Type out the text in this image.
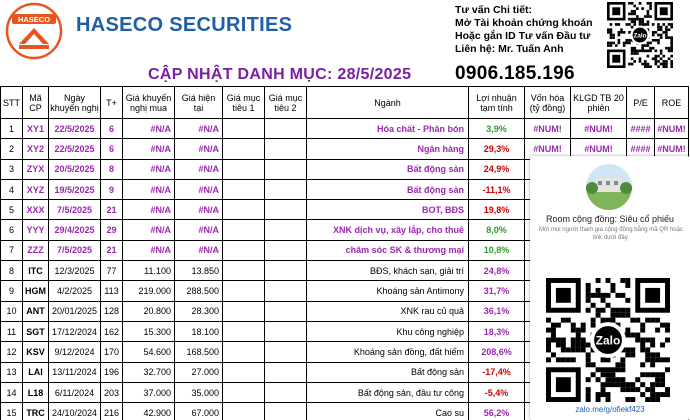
HASECO HASECO SECURITIES
Tư vấn Chi tiết:
Mở Tài khoản chứng khoán
Hoặc gắn ID Tư vấn Đầu tư
Liên hệ: Mr. Tuấn Anh
Zalo
CẬP NHẬT DANH MỤC: 28/5/2025 0906.185.196
STT	Mã CP	Ngày khuyến nghị	T+	Giá khuyến nghị mua	Giá hiện tại	Giá mục tiêu 1	Giá mục tiêu 2	Ngành	Lợi nhuận tạm tính	Vốn hóa (tỷ đồng)	KLGD TB 20 phiên	P/E	ROE
1	XY1	22/5/2025	6	#N/A	#N/A			Hóa chất - Phân bón	3,9%	#NUM!	#NUM!	####	#NUM!
2	XY2	22/5/2025	6	#N/A	#N/A			Ngân hàng	29,3%	#NUM!	#NUM!	####	#NUM!
3	ZYX	20/5/2025	8	#N/A	#N/A			Bất động sản	24,9%				
4	XYZ	19/5/2025	9	#N/A	#N/A			Bất động sản	-11,1%				
5	XXX	7/5/2025	21	#N/A	#N/A			BOT, BĐS	19,8%				
6	YYY	29/4/2025	29	#N/A	#N/A			XNK dịch vụ, xây lắp, cho thuê	8,0%				
7	ZZZ	7/5/2025	21	#N/A	#N/A			chăm sóc SK & thương mại	10,8%				
8	ITC	12/3/2025	77	11.100	13.850			BĐS, khách sạn, giải trí	24,8%				
9	HGM	4/2/2025	113	219.000	288.500			Khoáng sản Antimony	31,7%				
10	ANT	20/01/2025	128	20.800	28.300			XNK rau củ quả	36,1%				
11	SGT	17/12/2024	162	15.300	18.100			Khu công nghiệp	18,3%				
12	KSV	9/12/2024	170	54.600	168.500			Khoáng sản đồng, đất hiếm	208,6%				
13	LAI	13/11/2024	196	32.700	27.000			Bất động sản	-17,4%				
14	L18	6/11/2024	203	37.000	35.000			Bất động sản, đầu tư công	-5,4%				
15	TRC	24/10/2024	216	42.900	67.000			Cao su	56,2%				
Room cộng đồng: Siêu cổ phiếu
Mời mọi người tham gia cộng đồng bằng mã QR hoặc link dưới đây.
Zalo
zalo.me/g/ofiekf423
